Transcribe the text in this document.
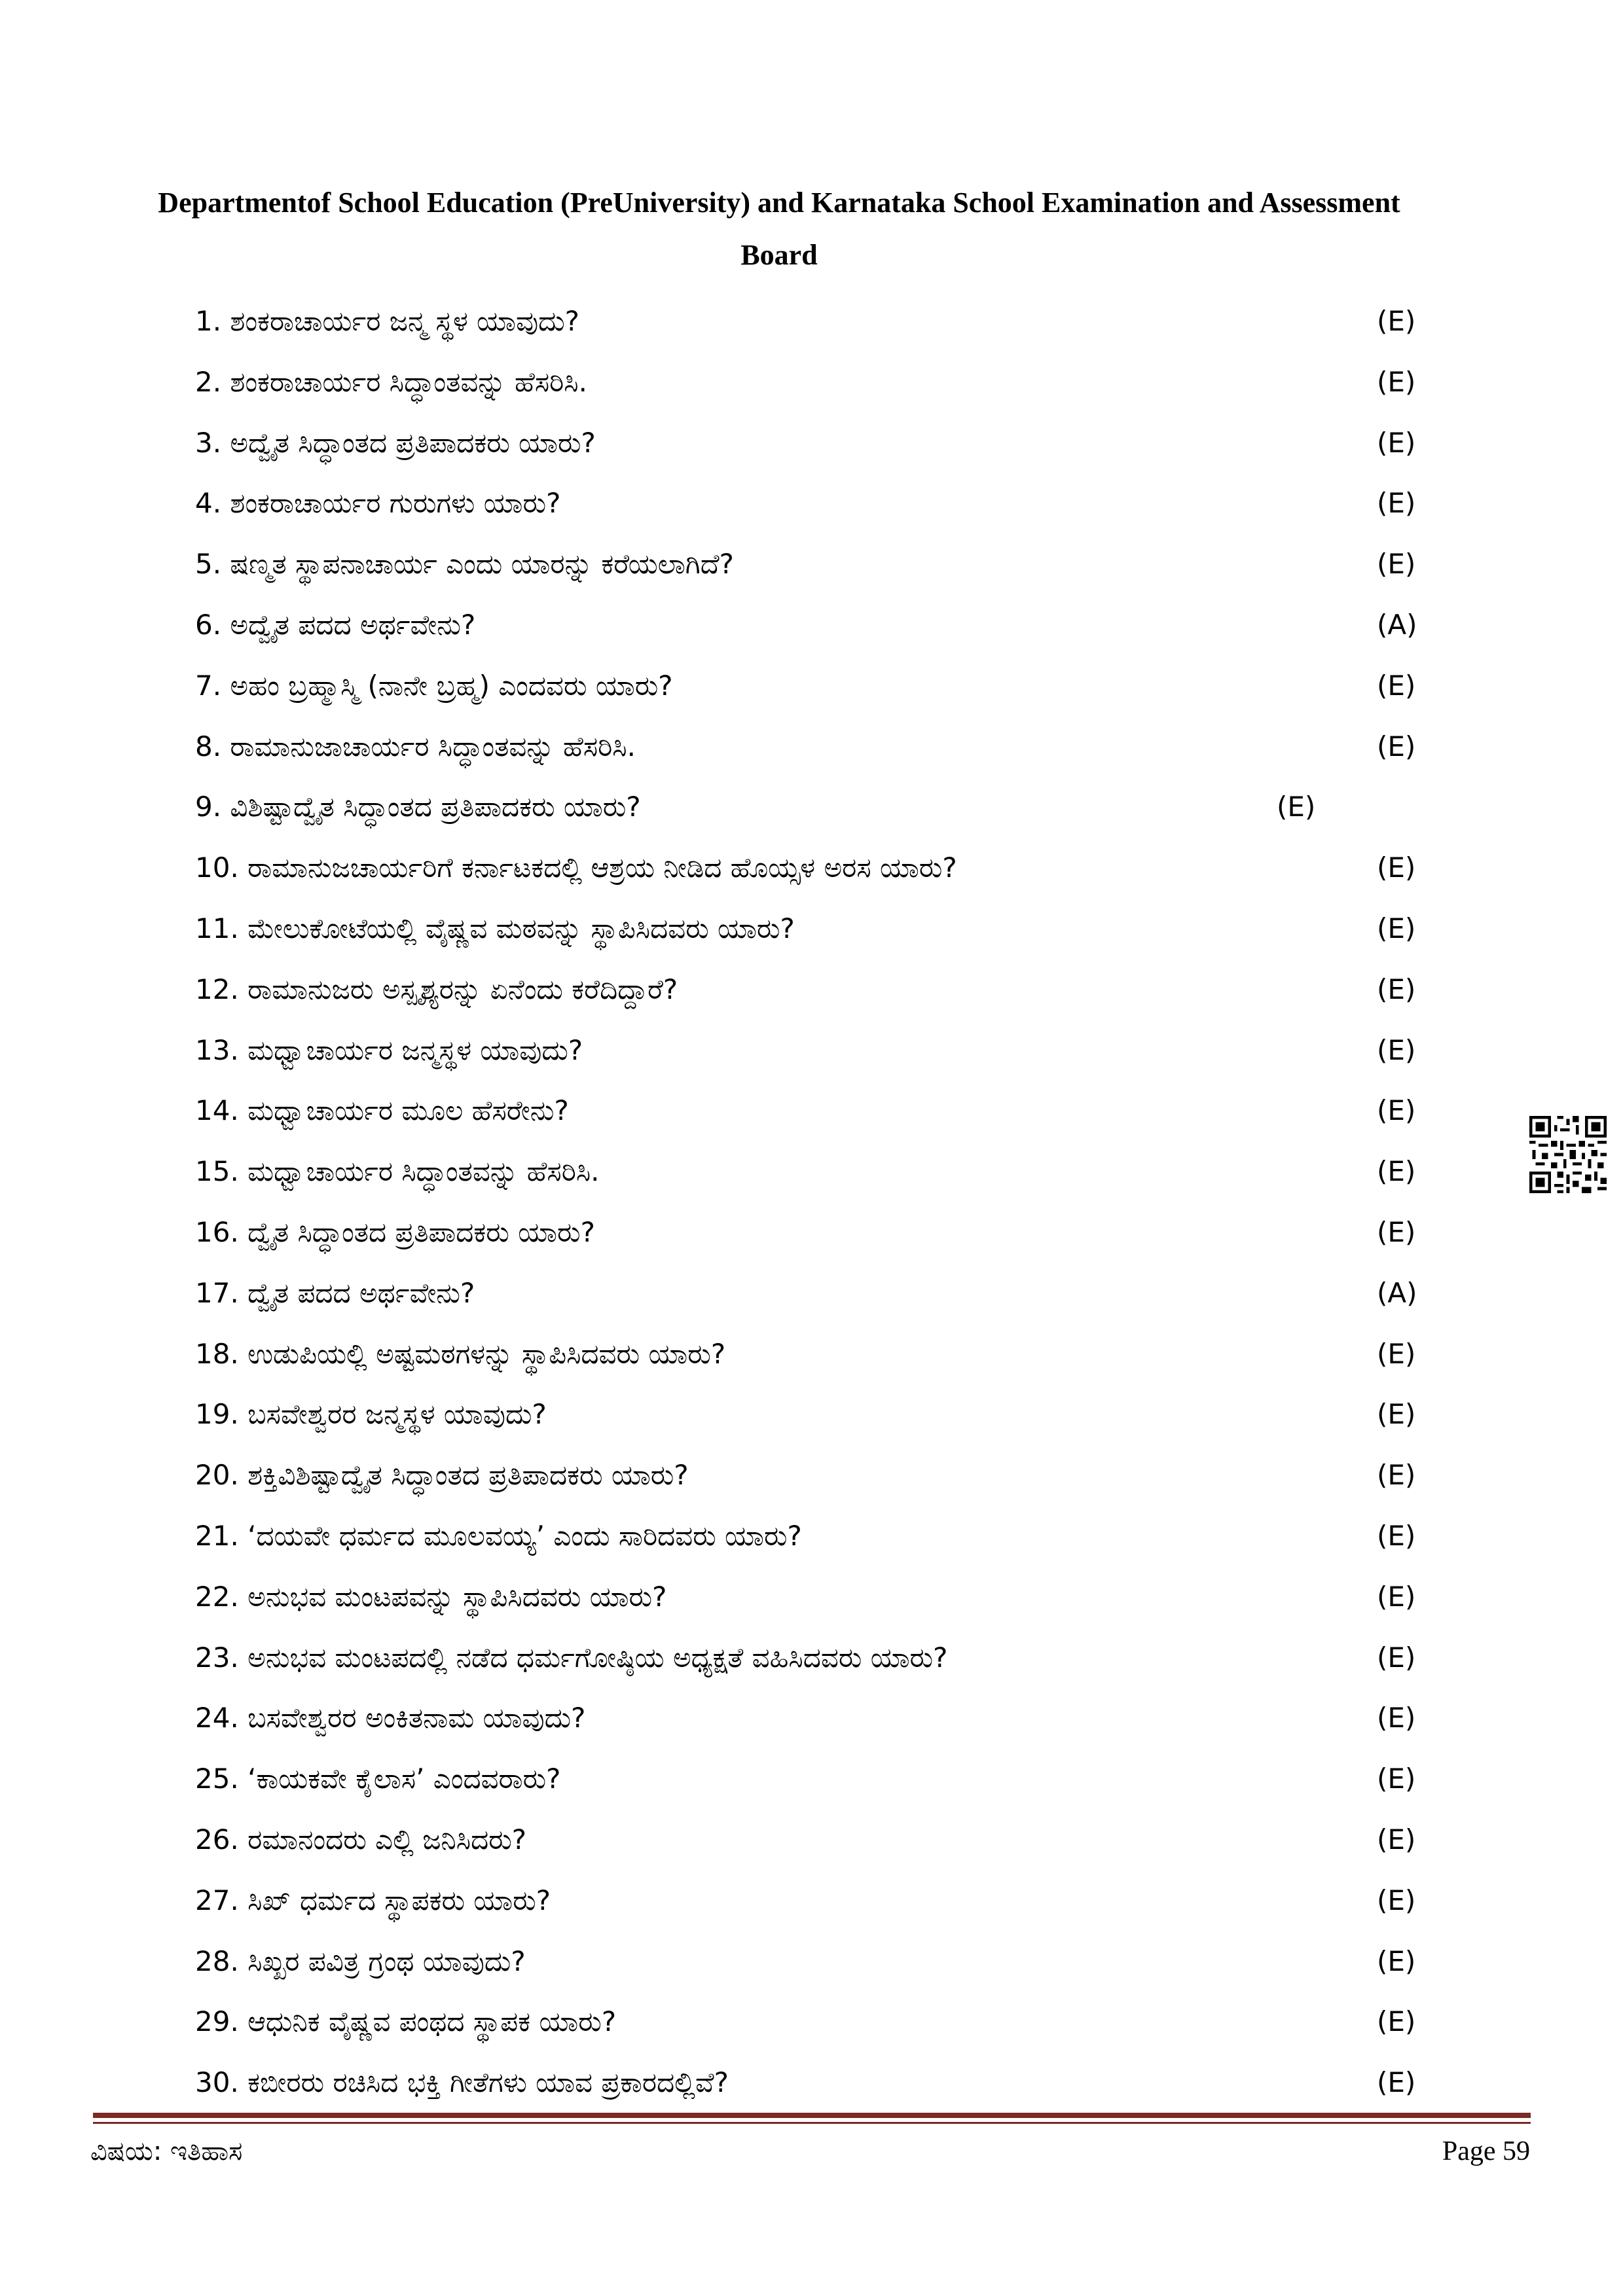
Departmentof School Education (PreUniversity) and Karnataka School Examination and Assessment
Board
1. ಶಂಕರಾಚಾರ್ಯರ ಜನ್ಮ ಸ್ಥಳ ಯಾವುದು?	(E)
2. ಶಂಕರಾಚಾರ್ಯರ ಸಿದ್ಧಾಂತವನ್ನು ಹೆಸರಿಸಿ.	(E)
3. ಅದ್ವೈತ ಸಿದ್ಧಾಂತದ ಪ್ರತಿಪಾದಕರು ಯಾರು?	(E)
4. ಶಂಕರಾಚಾರ್ಯರ ಗುರುಗಳು ಯಾರು?	(E)
5. ಷಣ್ಮತ ಸ್ಥಾಪನಾಚಾರ್ಯ ಎಂದು ಯಾರನ್ನು ಕರೆಯಲಾಗಿದೆ?	(E)
6. ಅದ್ವೈತ ಪದದ ಅರ್ಥವೇನು?	(A)
7. ಅಹಂ ಬ್ರಹ್ಮಾಸ್ಮಿ (ನಾನೇ ಬ್ರಹ್ಮ) ಎಂದವರು ಯಾರು?	(E)
8. ರಾಮಾನುಜಾಚಾರ್ಯರ ಸಿದ್ಧಾಂತವನ್ನು ಹೆಸರಿಸಿ.	(E)
9. ವಿಶಿಷ್ಟಾದ್ವೈತ ಸಿದ್ಧಾಂತದ ಪ್ರತಿಪಾದಕರು ಯಾರು?	(E)
10. ರಾಮಾನುಜಚಾರ್ಯರಿಗೆ ಕರ್ನಾಟಕದಲ್ಲಿ ಆಶ್ರಯ ನೀಡಿದ ಹೊಯ್ಸಳ ಅರಸ ಯಾರು?	(E)
11. ಮೇಲುಕೋಟೆಯಲ್ಲಿ ವೈಷ್ಣವ ಮಠವನ್ನು ಸ್ಥಾಪಿಸಿದವರು ಯಾರು?	(E)
12. ರಾಮಾನುಜರು ಅಸ್ಪೃಶ್ಯರನ್ನು ಏನೆಂದು ಕರೆದಿದ್ದಾರೆ?	(E)
13. ಮಧ್ವಾಚಾರ್ಯರ ಜನ್ಮಸ್ಥಳ ಯಾವುದು?	(E)
14. ಮಧ್ವಾಚಾರ್ಯರ ಮೂಲ ಹೆಸರೇನು?	(E)
15. ಮಧ್ವಾಚಾರ್ಯರ ಸಿದ್ಧಾಂತವನ್ನು ಹೆಸರಿಸಿ.	(E)
16. ದ್ವೈತ ಸಿದ್ಧಾಂತದ ಪ್ರತಿಪಾದಕರು ಯಾರು?	(E)
17. ದ್ವೈತ ಪದದ ಅರ್ಥವೇನು?	(A)
18. ಉಡುಪಿಯಲ್ಲಿ ಅಷ್ಟಮಠಗಳನ್ನು ಸ್ಥಾಪಿಸಿದವರು ಯಾರು?	(E)
19. ಬಸವೇಶ್ವರರ ಜನ್ಮಸ್ಥಳ ಯಾವುದು?	(E)
20. ಶಕ್ತಿವಿಶಿಷ್ಟಾದ್ವೈತ ಸಿದ್ಧಾಂತದ ಪ್ರತಿಪಾದಕರು ಯಾರು?	(E)
21. ‘ದಯವೇ ಧರ್ಮದ ಮೂಲವಯ್ಯ’ ಎಂದು ಸಾರಿದವರು ಯಾರು?	(E)
22. ಅನುಭವ ಮಂಟಪವನ್ನು ಸ್ಥಾಪಿಸಿದವರು ಯಾರು?	(E)
23. ಅನುಭವ ಮಂಟಪದಲ್ಲಿ ನಡೆದ ಧರ್ಮಗೋಷ್ಠಿಯ ಅಧ್ಯಕ್ಷತೆ ವಹಿಸಿದವರು ಯಾರು?	(E)
24. ಬಸವೇಶ್ವರರ ಅಂಕಿತನಾಮ ಯಾವುದು?	(E)
25. ‘ಕಾಯಕವೇ ಕೈಲಾಸ’ ಎಂದವರಾರು?	(E)
26. ರಮಾನಂದರು ಎಲ್ಲಿ ಜನಿಸಿದರು?	(E)
27. ಸಿಖ್ ಧರ್ಮದ ಸ್ಥಾಪಕರು ಯಾರು?	(E)
28. ಸಿಖ್ಖರ ಪವಿತ್ರ ಗ್ರಂಥ ಯಾವುದು?	(E)
29. ಆಧುನಿಕ ವೈಷ್ಣವ ಪಂಥದ ಸ್ಥಾಪಕ ಯಾರು?	(E)
30. ಕಬೀರರು ರಚಿಸಿದ ಭಕ್ತಿ ಗೀತೆಗಳು ಯಾವ ಪ್ರಕಾರದಲ್ಲಿವೆ?	(E)
ವಿಷಯ: ಇತಿಹಾಸ	Page 59
